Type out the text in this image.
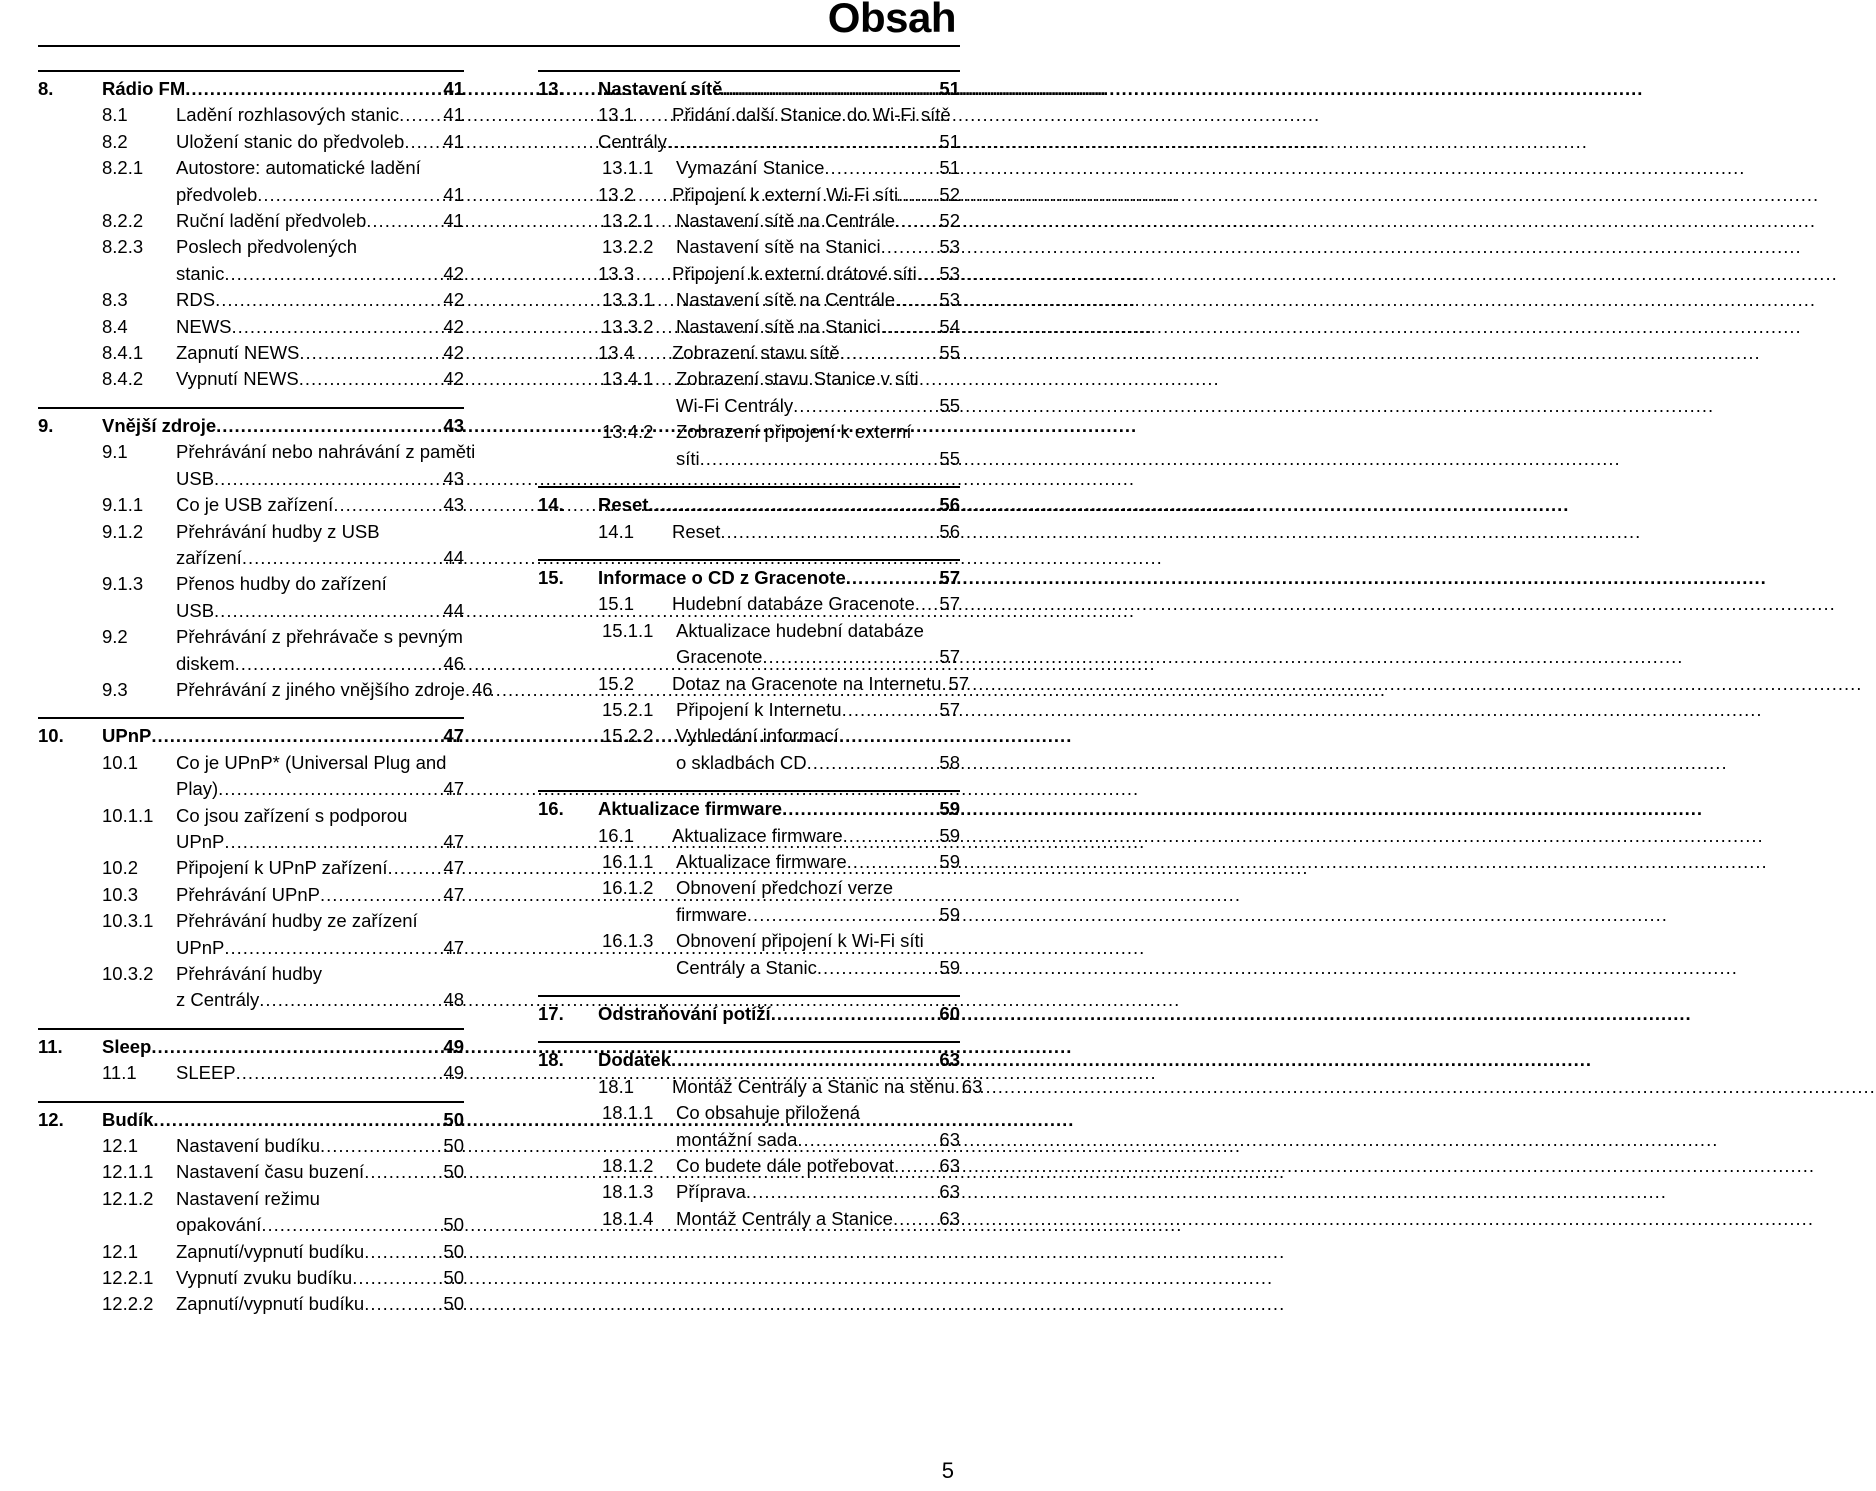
Obsah
8.	Rádio FM .....	41
8.1	Ladění rozhlasových stanic ..... 41
8.2	Uložení stanic do předvoleb ..... 41
8.2.1	Autostore: automatické ladění
předvoleb .....	41
8.2.2	Ruční ladění předvoleb .....	41
8.2.3	Poslech předvolených
stanic .....	42
8.3	RDS .....	42
8.4	NEWS .....	42
8.4.1	Zapnutí NEWS .....	42
8.4.2	Vypnutí NEWS .....	42
9.	Vnější zdroje .....	43
9.1	Přehrávání nebo nahrávání z paměti
USB .....	43
9.1.1	Co je USB zařízení .....	43
9.1.2	Přehrávání hudby z USB
zařízení .....	44
9.1.3	Přenos hudby do zařízení
USB .....	44
9.2	Přehrávání z přehrávače s pevným
diskem .....	46
9.3	Přehrávání z jiného vnějšího zdroje ..... 46
10.	UPnP .....	47
10.1	Co je UPnP* (Universal Plug and
Play) .....	47
10.1.1	Co jsou zařízení s podporou
UPnP .....	47
10.2	Připojení k UPnP zařízení .....	47
10.3	Přehrávání UPnP .....	47
10.3.1	Přehrávání hudby ze zařízení
UPnP .....	47
10.3.2	Přehrávání hudby
z Centrály .....	48
11.	Sleep .....	49
11.1	SLEEP .....	49
12.	Budík .....	50
12.1	Nastavení budíku .....	50
12.1.1	Nastavení času buzení .....	50
12.1.2	Nastavení režimu
opakování .....	50
12.1	Zapnutí/vypnutí budíku .....	50
12.2.1	Vypnutí zvuku budíku .....	50
12.2.2	Zapnutí/vypnutí budíku .....	50
13.	Nastavení sítě .....	51
13.1	Přidání další Stanice do Wi-Fi sítě
Centrály .....	51
13.1.1	Vymazání Stanice .....	51
13.2	Připojení k externí Wi-Fi síti ..... 52
13.2.1	Nastavení sítě na Centrále ..... 52
13.2.2	Nastavení sítě na Stanici .....	53
13.3	Připojení k externí drátové síti ..... 53
13.3.1	Nastavení sítě na Centrále ..... 53
13.3.2	Nastavení sítě na Stanici .....	54
13.4	Zobrazení stavu sítě .....	55
13.4.1	Zobrazení stavu Stanice v síti
Wi-Fi Centrály .....	55
13.4.2	Zobrazení připojení k externí
síti .....	55
14.	Reset .....	56
14.1	Reset .....	56
15.	Informace o CD z Gracenote .....	57
15.1	Hudební databáze Gracenote ..... 57
15.1.1	Aktualizace hudební databáze
Gracenote .....	57
15.2	Dotaz na Gracenote na Internetu ..... 57
15.2.1	Připojení k Internetu .....	57
15.2.2	Vyhledání informací
o skladbách CD .....	58
16.	Aktualizace firmware .....	59
16.1	Aktualizace firmware .....	59
16.1.1	Aktualizace firmware .....	59
16.1.2	Obnovení předchozí verze
firmware .....	59
16.1.3	Obnovení připojení k Wi-Fi síti
Centrály a Stanic .....	59
17.	Odstraňování potíží .....	60
18.	Dodatek .....	63
18.1	Montáž Centrály a Stanic na stěnu ..... 63
18.1.1	Co obsahuje přiložená
montážní sada .....	63
18.1.2	Co budete dále potřebovat ..... 63
18.1.3	Příprava .....	63
18.1.4	Montáž Centrály a Stanice .....	63
5
